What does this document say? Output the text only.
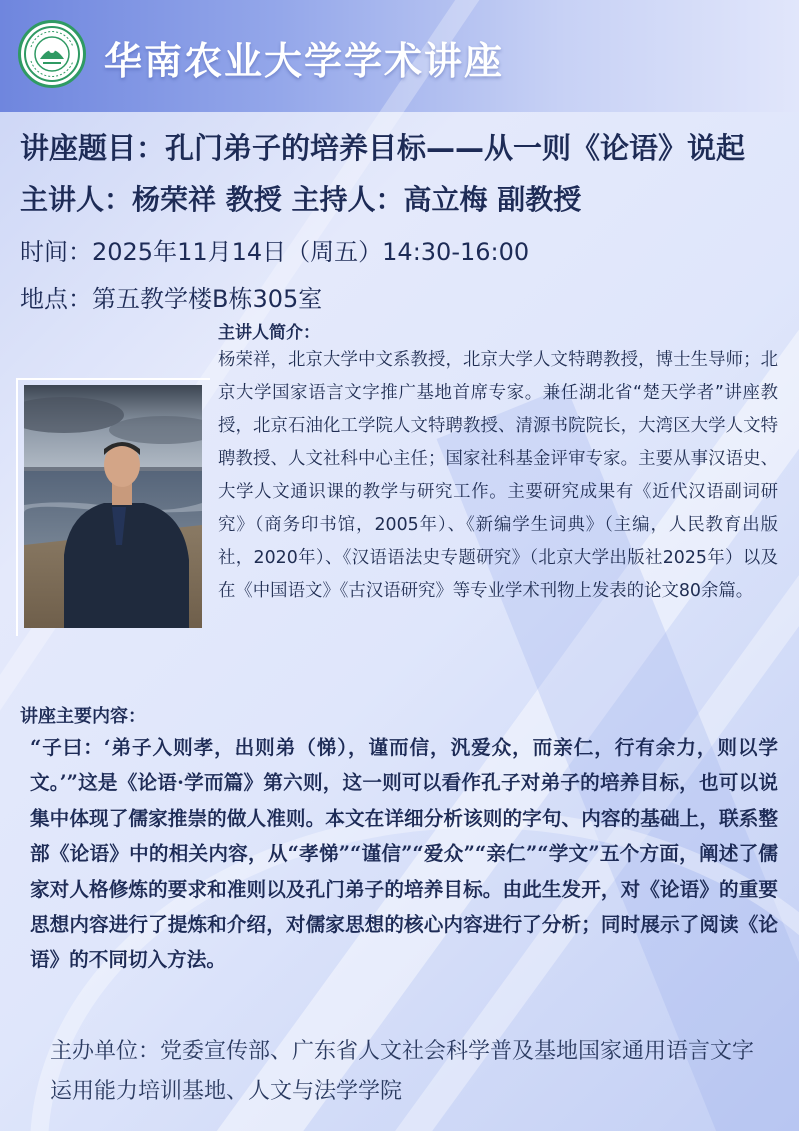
华南农业大学学术讲座
讲座题目：孔门弟子的培养目标——从一则《论语》说起
主讲人：杨荣祥 教授 主持人：高立梅 副教授
时间：2025年11月14日（周五）14:30-16:00
地点：第五教学楼B栋305室
主讲人简介：
杨荣祥，北京大学中文系教授，北京大学人文特聘教授，博士生导师；北京大学国家语言文字推广基地首席专家。兼任湖北省“楚天学者”讲座教授，北京石油化工学院人文特聘教授、清源书院院长，大湾区大学人文特聘教授、人文社科中心主任；国家社科基金评审专家。主要从事汉语史、大学人文通识课的教学与研究工作。主要研究成果有《近代汉语副词研究》（商务印书馆，2005年）、《新编学生词典》（主编，人民教育出版社，2020年）、《汉语语法史专题研究》（北京大学出版社2025年）以及在《中国语文》《古汉语研究》等专业学术刊物上发表的论文80余篇。
讲座主要内容：
“子曰：‘弟子入则孝，出则弟（悌），谨而信，汎爱众，而亲仁，行有余力，则以学文。’”这是《论语·学而篇》第六则，这一则可以看作孔子对弟子的培养目标，也可以说集中体现了儒家推崇的做人准则。本文在详细分析该则的字句、内容的基础上，联系整部《论语》中的相关内容，从“孝悌”“谨信”“爱众”“亲仁”“学文”五个方面，阐述了儒家对人格修炼的要求和准则以及孔门弟子的培养目标。由此生发开，对《论语》的重要思想内容进行了提炼和介绍，对儒家思想的核心内容进行了分析；同时展示了阅读《论语》的不同切入方法。
主办单位：党委宣传部、广东省人文社会科学普及基地国家通用语言文字运用能力培训基地、人文与法学学院
